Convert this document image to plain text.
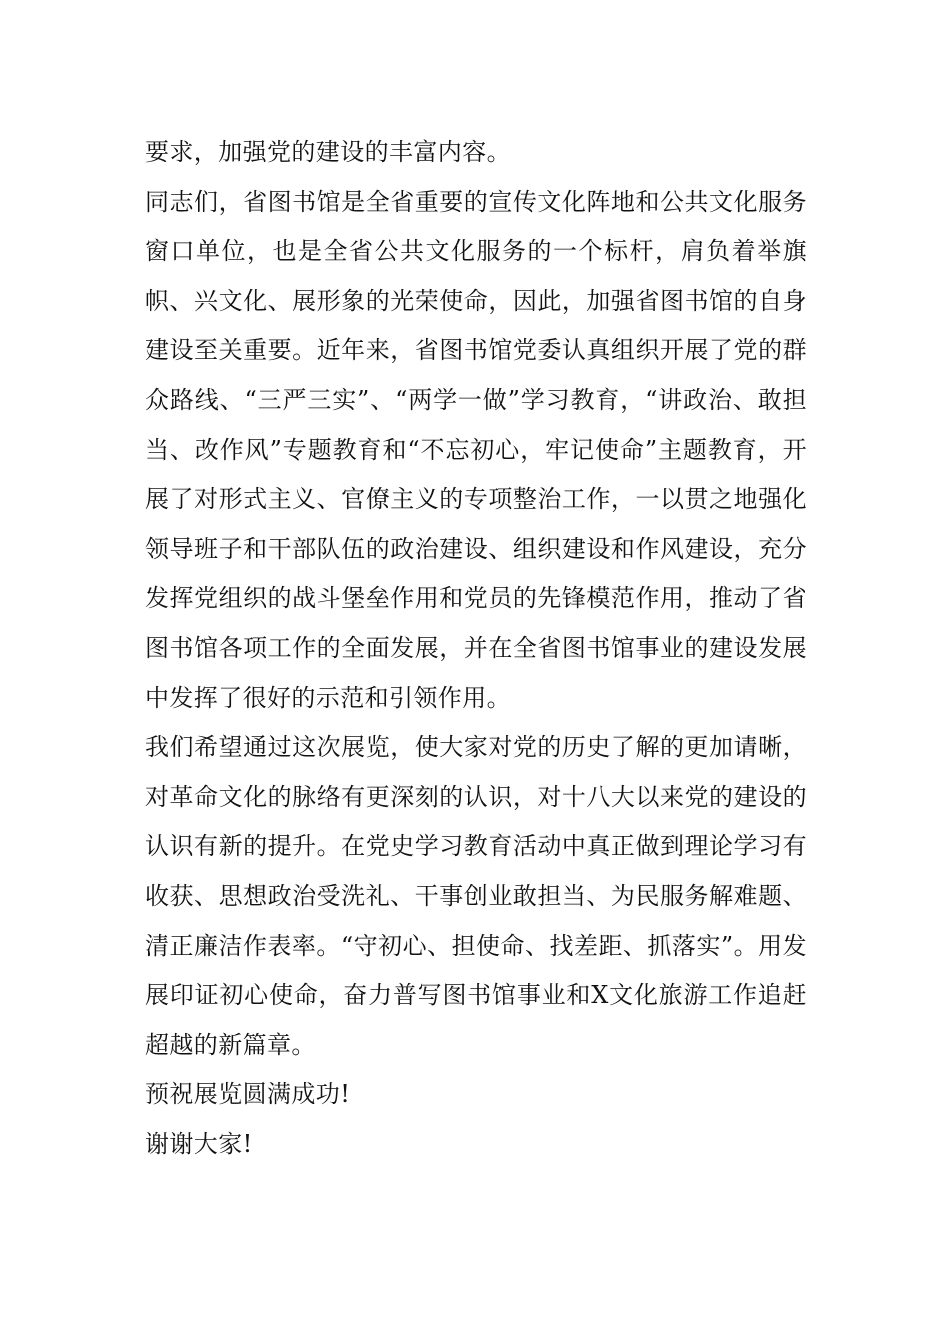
要求，加强党的建设的丰富内容。

同志们，省图书馆是全省重要的宣传文化阵地和公共文化服务窗口单位，也是全省公共文化服务的一个标杆，肩负着举旗帜、兴文化、展形象的光荣使命，因此，加强省图书馆的自身建设至关重要。近年来，省图书馆党委认真组织开展了党的群众路线、“三严三实”、“两学一做”学习教育，“讲政治、敢担当、改作风”专题教育和“不忘初心，牢记使命”主题教育，开展了对形式主义、官僚主义的专项整治工作，一以贯之地强化领导班子和干部队伍的政治建设、组织建设和作风建设，充分发挥党组织的战斗堡垒作用和党员的先锋模范作用，推动了省图书馆各项工作的全面发展，并在全省图书馆事业的建设发展中发挥了很好的示范和引领作用。

我们希望通过这次展览，使大家对党的历史了解的更加请晰，对革命文化的脉络有更深刻的认识，对十八大以来党的建设的认识有新的提升。在党史学习教育活动中真正做到理论学习有收获、思想政治受洗礼、干事创业敢担当、为民服务解难题、清正廉洁作表率。“守初心、担使命、找差距、抓落实”。用发展印证初心使命，奋力普写图书馆事业和X文化旅游工作追赶超越的新篇章。

预祝展览圆满成功!

谢谢大家!
